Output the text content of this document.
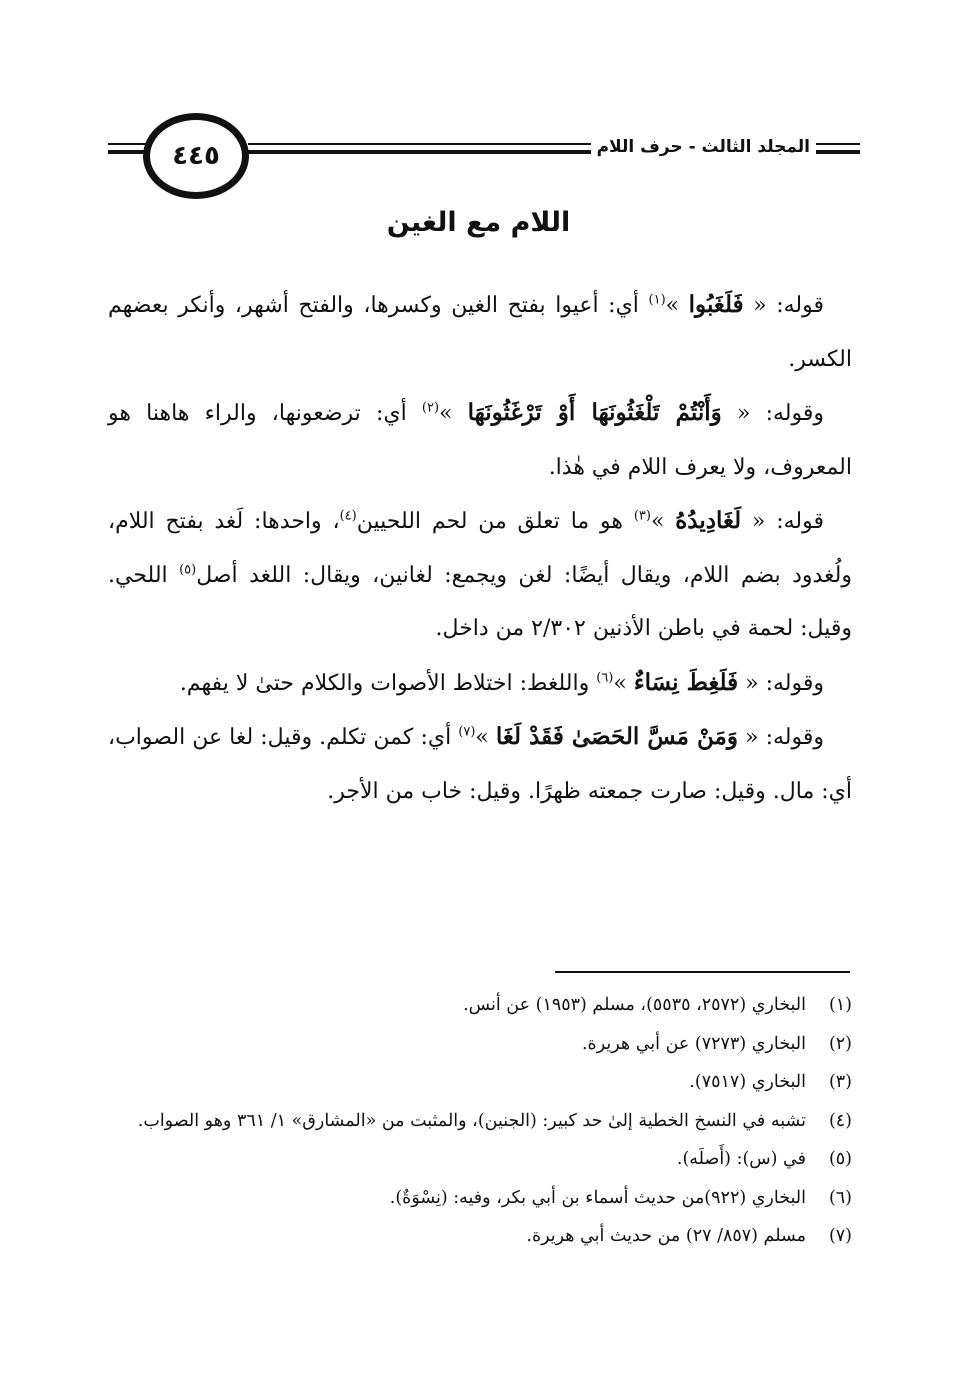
٤٤٥	المجلد الثالث - حرف اللام
اللام مع الغين

قوله: « فَلَغَبُوا »$^{(١)}$ أي: أعيوا بفتح الغين وكسرها، والفتح أشهر، وأنكر بعضهم الكسر.

وقوله: « وَأَنْتُمْ تَلْغَثُونَهَا أَوْ تَرْغَثُونَهَا »$^{(٢)}$ أي: ترضعونها، والراء هاهنا هو المعروف، ولا يعرف اللام في هٰذا.

قوله: « لَغَادِيدُهُ »$^{(٣)}$ هو ما تعلق من لحم اللحيين$^{(٤)}$، واحدها: لَغد بفتح اللام، ولُغدود بضم اللام، ويقال أيضًا: لغن ويجمع: لغانين، ويقال: اللغد أصل$^{(٥)}$ اللحي. وقيل: لحمة في باطن الأذنين ٢/٣٠٢ من داخل.

وقوله: « فَلَغِطَ نِسَاءٌ »$^{(٦)}$ واللغط: اختلاط الأصوات والكلام حتىٰ لا يفهم.

وقوله: « وَمَنْ مَسَّ الحَصَىٰ فَقَدْ لَغَا »$^{(٧)}$ أي: كمن تكلم. وقيل: لغا عن الصواب، أي: مال. وقيل: صارت جمعته ظهرًا. وقيل: خاب من الأجر.

(١)
البخاري (٢٥٧٢، ٥٥٣٥)، مسلم (١٩٥٣) عن أنس.
(٢)
البخاري (٧٢٧٣) عن أبي هريرة.
(٣)
البخاري (٧٥١٧).
(٤)
تشبه في النسخ الخطية إلىٰ حد كبير: (الجنين)، والمثبت من «المشارق» ١/ ٣٦١ وهو الصواب.
(٥)
في (س): (أَصلَه).
(٦)
البخاري (٩٢٢)من حديث أسماء بن أبي بكر، وفيه: (نِسْوَةٌ).
(٧)
مسلم (٨٥٧/ ٢٧) من حديث أبي هريرة.
